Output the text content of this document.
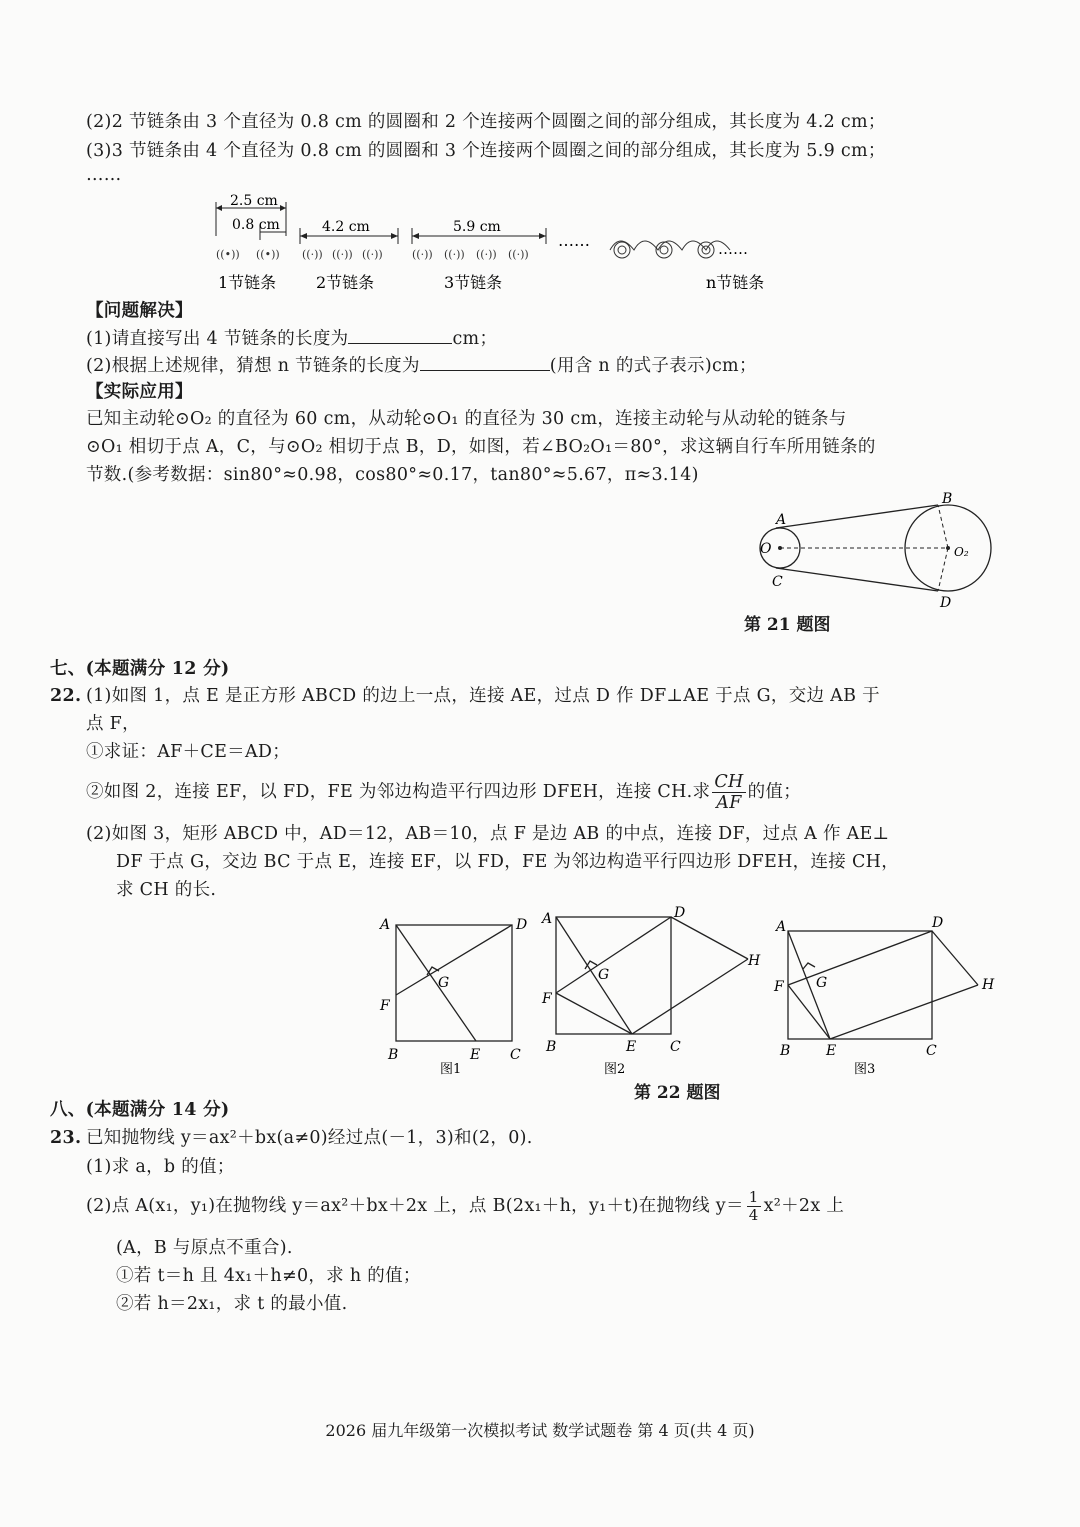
(2)2 节链条由 3 个直径为 0.8 cm 的圆圈和 2 个连接两个圆圈之间的部分组成，其长度为 4.2 cm；
(3)3 节链条由 4 个直径为 0.8 cm 的圆圈和 3 个连接两个圆圈之间的部分组成，其长度为 5.9 cm；
……
2.5 cm
0.8 cm	4.2 cm	5.9 cm
((•)) ((•)) ((·)) ((·)) ((·))	((·)) ((·)) ((·)) ((·))
……	……
1节链条 2节链条	3节链条	n节链条
【问题解决】
(1)请直接写出 4 节链条的长度为	cm；
(2)根据上述规律，猜想 n 节链条的长度为	(用含 n 的式子表示)cm；
【实际应用】
已知主动轮⊙O₂ 的直径为 60 cm，从动轮⊙O₁ 的直径为 30 cm，连接主动轮与从动轮的链条与
⊙O₁ 相切于点 A，C，与⊙O₂ 相切于点 B，D，如图，若∠BO₂O₁＝80°，求这辆自行车所用链条的
节数.(参考数据：sin80°≈0.98，cos80°≈0.17，tan80°≈5.67，π≈3.14)
A
B
C
D
O	O₂
第 21 题图
七、(本题满分 12 分)
22. (1)如图 1，点 E 是正方形 ABCD 的边上一点，连接 AE，过点 D 作 DF⊥AE 于点 G，交边 AB 于
点 F，
①求证：AF＋CE＝AD；
②如图 2，连接 EF，以 FD，FE 为邻边构造平行四边形 DFEH，连接 CH.求 $\frac{CH}{AF}$ 的值；
(2)如图 3，矩形 ABCD 中，AD＝12，AB＝10，点 F 是边 AB 的中点，连接 DF，过点 A 作 AE⊥
DF 于点 G，交边 BC 于点 E，连接 EF，以 FD，FE 为邻边构造平行四边形 DFEH，连接 CH，
求 CH 的长.
A	D
F
G
B	E C
A	D
F
G
B	E C
H
A	D
F G
B	E	C
H
图1	图2	图3
第 22 题图
八、(本题满分 14 分)
23. 已知抛物线 y＝ax²＋bx(a≠0)经过点(－1，3)和(2，0).
(1)求 a，b 的值；
(2)点 A(x₁，y₁)在抛物线 y＝ax²＋bx＋2x 上，点 B(2x₁＋h，y₁＋t)在抛物线 $y= \frac{1}{4} x^2+2x$ 上
(A，B 与原点不重合).
①若 t＝h 且 4x₁＋h≠0，求 h 的值；
②若 h＝2x₁，求 t 的最小值.
2026 届九年级第一次模拟考试 数学试题卷 第 4 页(共 4 页)
